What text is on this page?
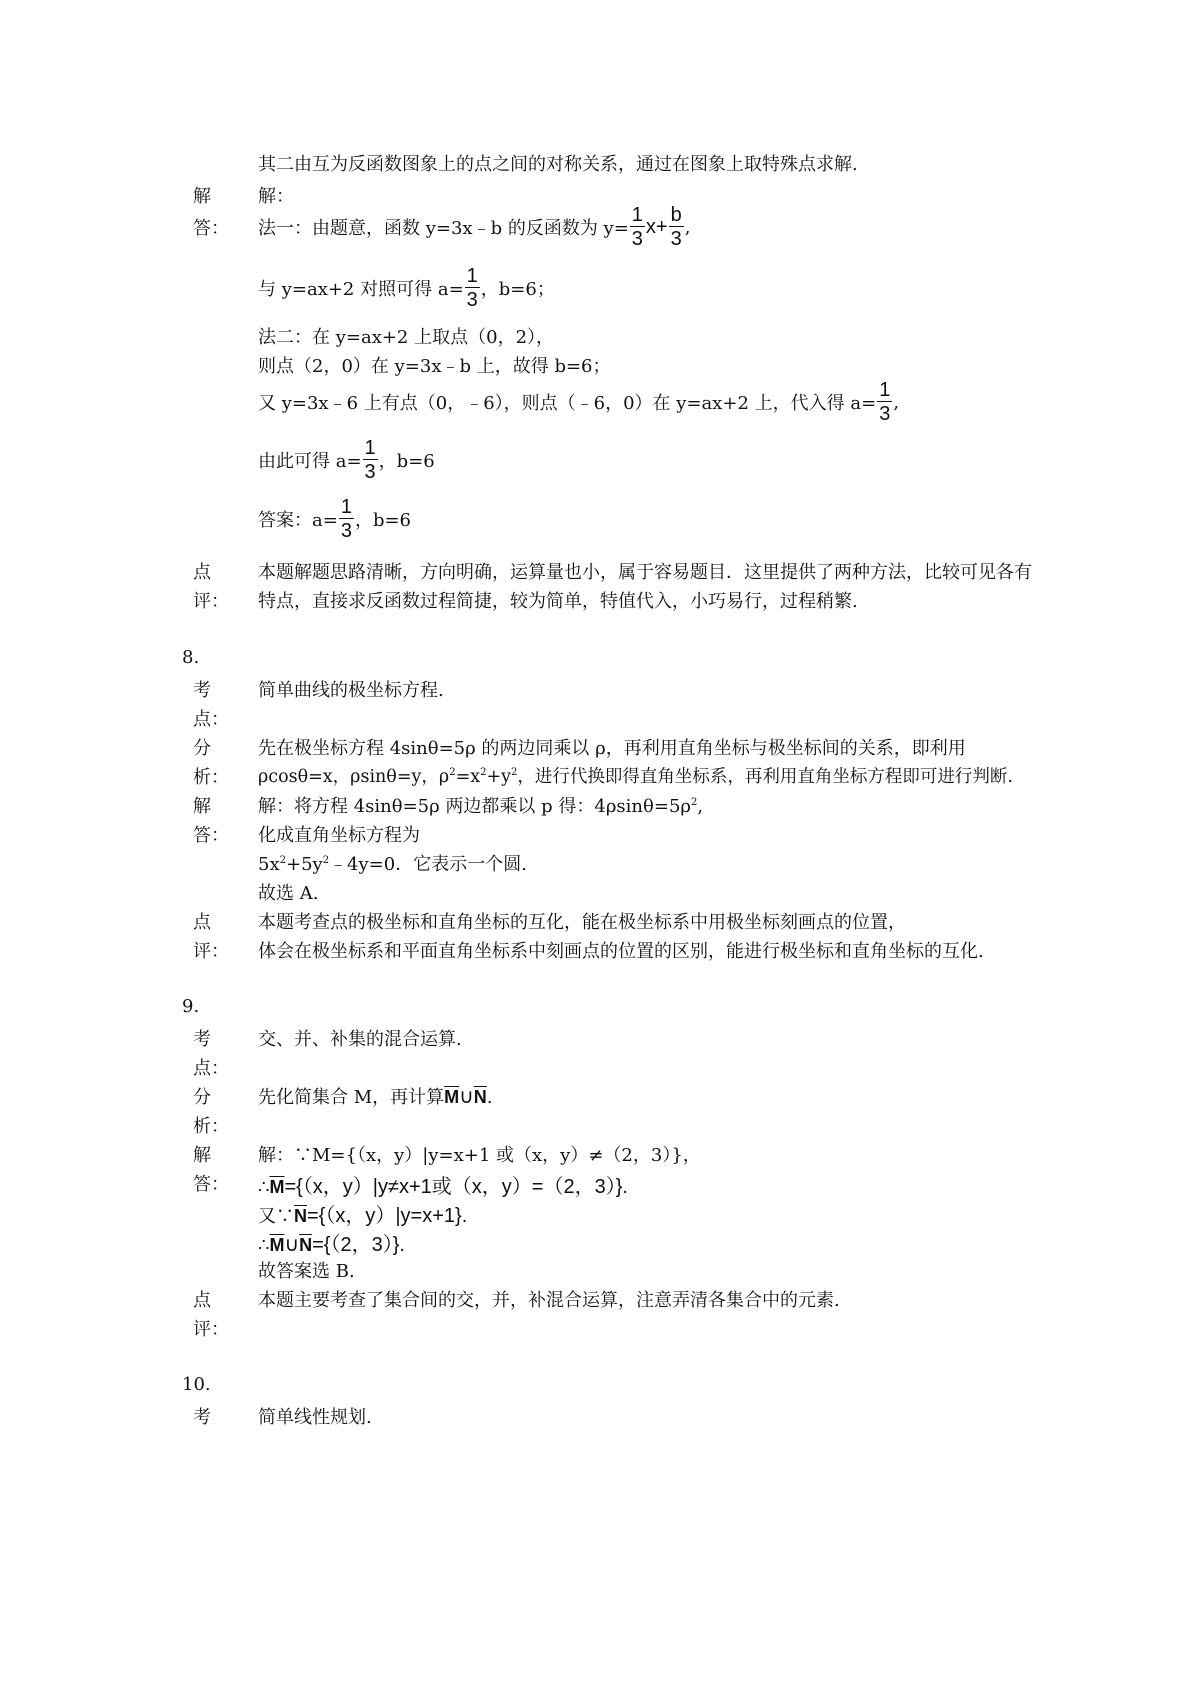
其二由互为反函数图象上的点之间的对称关系，通过在图象上取特殊点求解.
解	解：
答： 法一：由题意，函数 y=3x﹣b 的反函数为 $y= \frac{1}{3} x+ \frac{b}{3}$ ,
与 y=ax+2 对照可得 $a= \frac{1}{3}$ ，b=6；
法二：在 y=ax+2 上取点（0，2），
则点（2，0）在 y=3x﹣b 上，故得 b=6；
又 y=3x﹣6 上有点（0，﹣6），则点（﹣6，0）在 y=ax+2 上，代入得 $a= \frac{1}{3}$ ,
由此可得 $a= \frac{1}{3}$ ，b=6
答案：$a= \frac{1}{3}$ ，b=6
点	本题解题思路清晰，方向明确，运算量也小，属于容易题目．这里提供了两种方法，比较可见各有
评： 特点，直接求反函数过程简捷，较为简单，特值代入，小巧易行，过程稍繁.
8.
考	简单曲线的极坐标方程.
点：
分	先在极坐标方程 4sinθ=5ρ 的两边同乘以 ρ，再利用直角坐标与极坐标间的关系，即利用
析： ρcosθ=x，ρsinθ=y，$\rho^2=x^2+y^2$，进行代换即得直角坐标系，再利用直角坐标方程即可进行判断.
解	解：将方程 4sinθ=5ρ 两边都乘以 p 得：$4\rho\sin\theta=5\rho^2$,
答： 化成直角坐标方程为
$5x^2+5y^2﹣4y=0$．它表示一个圆.
故选 A.
点	本题考查点的极坐标和直角坐标的互化，能在极坐标系中用极坐标刻画点的位置，
评： 体会在极坐标系和平面直角坐标系中刻画点的位置的区别，能进行极坐标和直角坐标的互化.
9.
考	交、并、补集的混合运算.
点：
分	先化简集合 M，再计算$\overline{M}\cup\overline{N}$.
析：
解	解：∵M={（x，y）|y=x+1 或（x，y）≠（2，3）}，
答： $\therefore\overline{M}=\{(x$，y）|y≠x+1或（x，y）=（2，3）}.
又$\because\overline{N}=\{(x$，y）|y=x+1}.
$\therefore\overline{M}\cup\overline{N}=\{(2$，3）}.
故答案选 B.
点	本题主要考查了集合间的交，并，补混合运算，注意弄清各集合中的元素.
评：
10.
考	简单线性规划.
